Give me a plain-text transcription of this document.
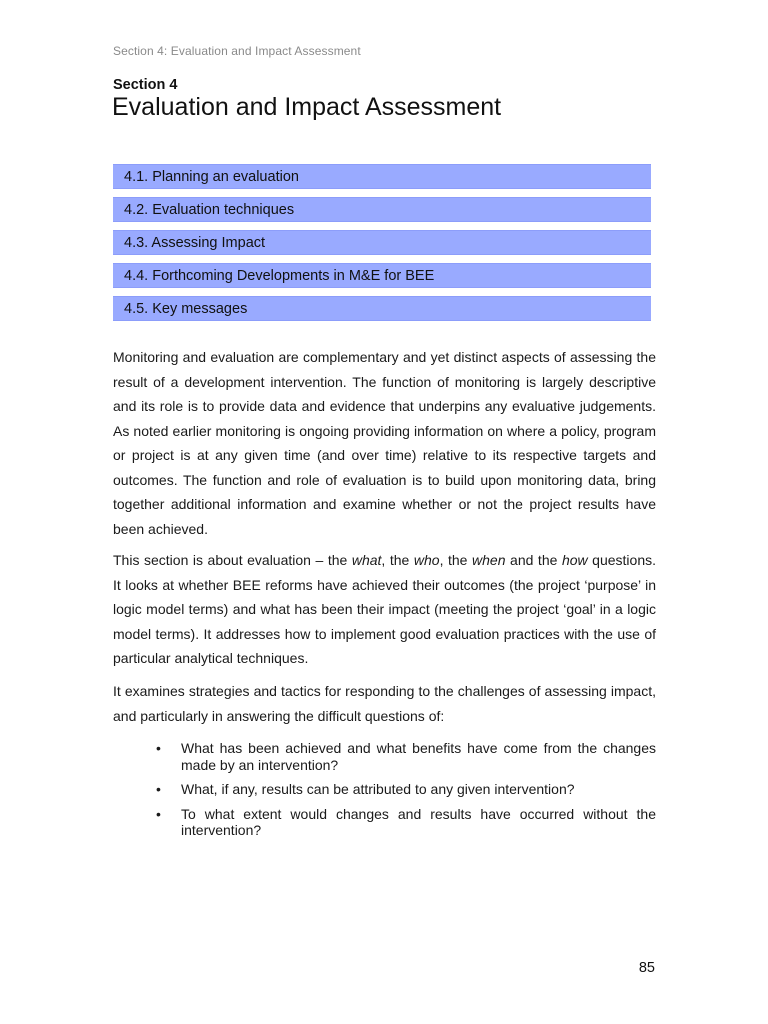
Section 4: Evaluation and Impact Assessment
Section 4
Evaluation and Impact Assessment
4.1. Planning an evaluation
4.2. Evaluation techniques
4.3. Assessing Impact
4.4. Forthcoming Developments in M&E for BEE
4.5. Key messages

Monitoring and evaluation are complementary and yet distinct aspects of assessing the result of a development intervention. The function of monitoring is largely descriptive and its role is to provide data and evidence that underpins any evaluative judgements. As noted earlier monitoring is ongoing providing information on where a policy, program or project is at any given time (and over time) relative to its respective targets and outcomes. The function and role of evaluation is to build upon monitoring data, bring together additional information and examine whether or not the project results have been achieved.

This section is about evaluation – the what, the who, the when and the how questions. It looks at whether BEE reforms have achieved their outcomes (the project ‘purpose’ in logic model terms) and what has been their impact (meeting the project ‘goal’ in a logic model terms). It addresses how to implement good evaluation practices with the use of particular analytical techniques.

It examines strategies and tactics for responding to the challenges of assessing impact, and particularly in answering the difficult questions of:

• What has been achieved and what benefits have come from the changes made by an intervention?
• What, if any, results can be attributed to any given intervention?
• To what extent would changes and results have occurred without the intervention?
85
